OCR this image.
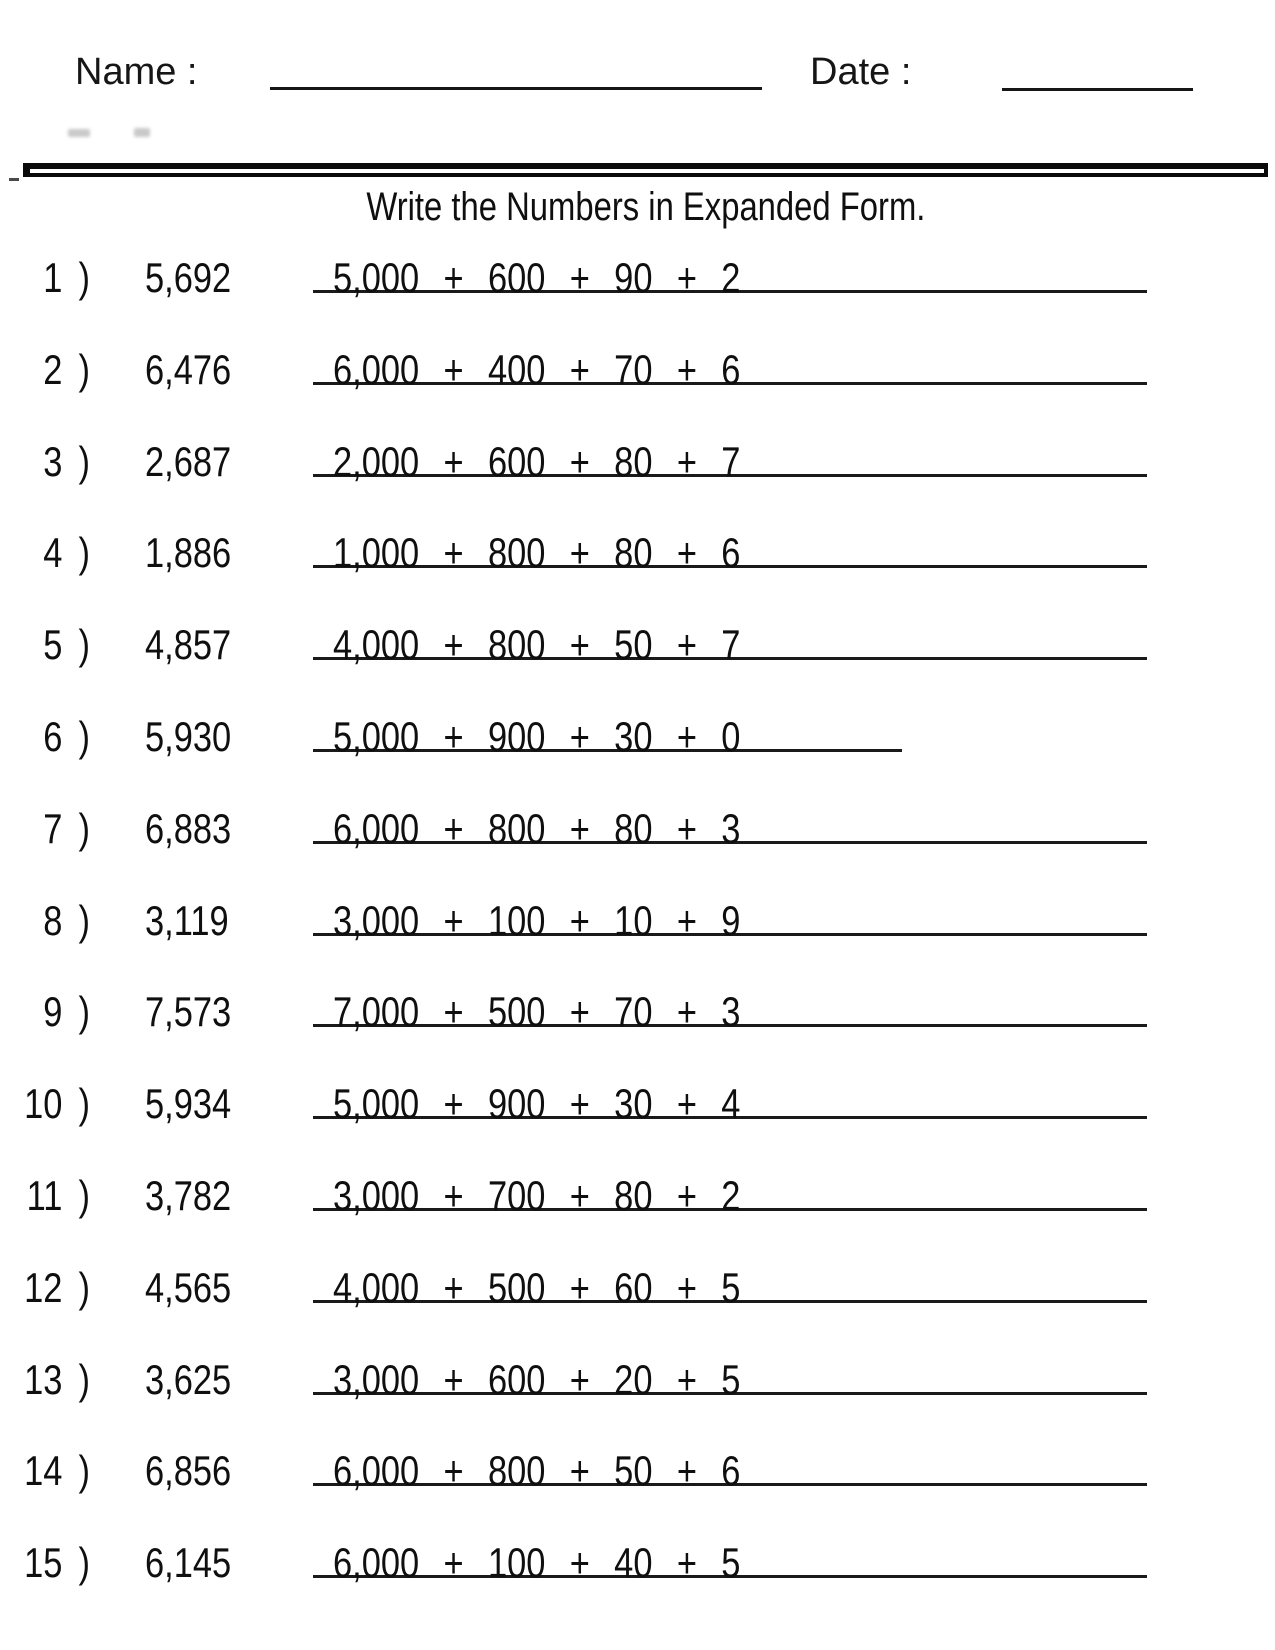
Name :	Date :
Write the Numbers in Expanded Form.
1 ) 5,692 5,000 + 600 + 90 + 2
2 ) 6,476 6,000 + 400 + 70 + 6
3 ) 2,687 2,000 + 600 + 80 + 7
4 ) 1,886 1,000 + 800 + 80 + 6
5 ) 4,857 4,000 + 800 + 50 + 7
6 ) 5,930 5,000 + 900 + 30 + 0
7 ) 6,883 6,000 + 800 + 80 + 3
8 ) 3,119 3,000 + 100 + 10 + 9
9 ) 7,573 7,000 + 500 + 70 + 3
10 ) 5,934 5,000 + 900 + 30 + 4
11 ) 3,782 3,000 + 700 + 80 + 2
12 ) 4,565 4,000 + 500 + 60 + 5
13 ) 3,625 3,000 + 600 + 20 + 5
14 ) 6,856 6,000 + 800 + 50 + 6
15 ) 6,145 6,000 + 100 + 40 + 5
